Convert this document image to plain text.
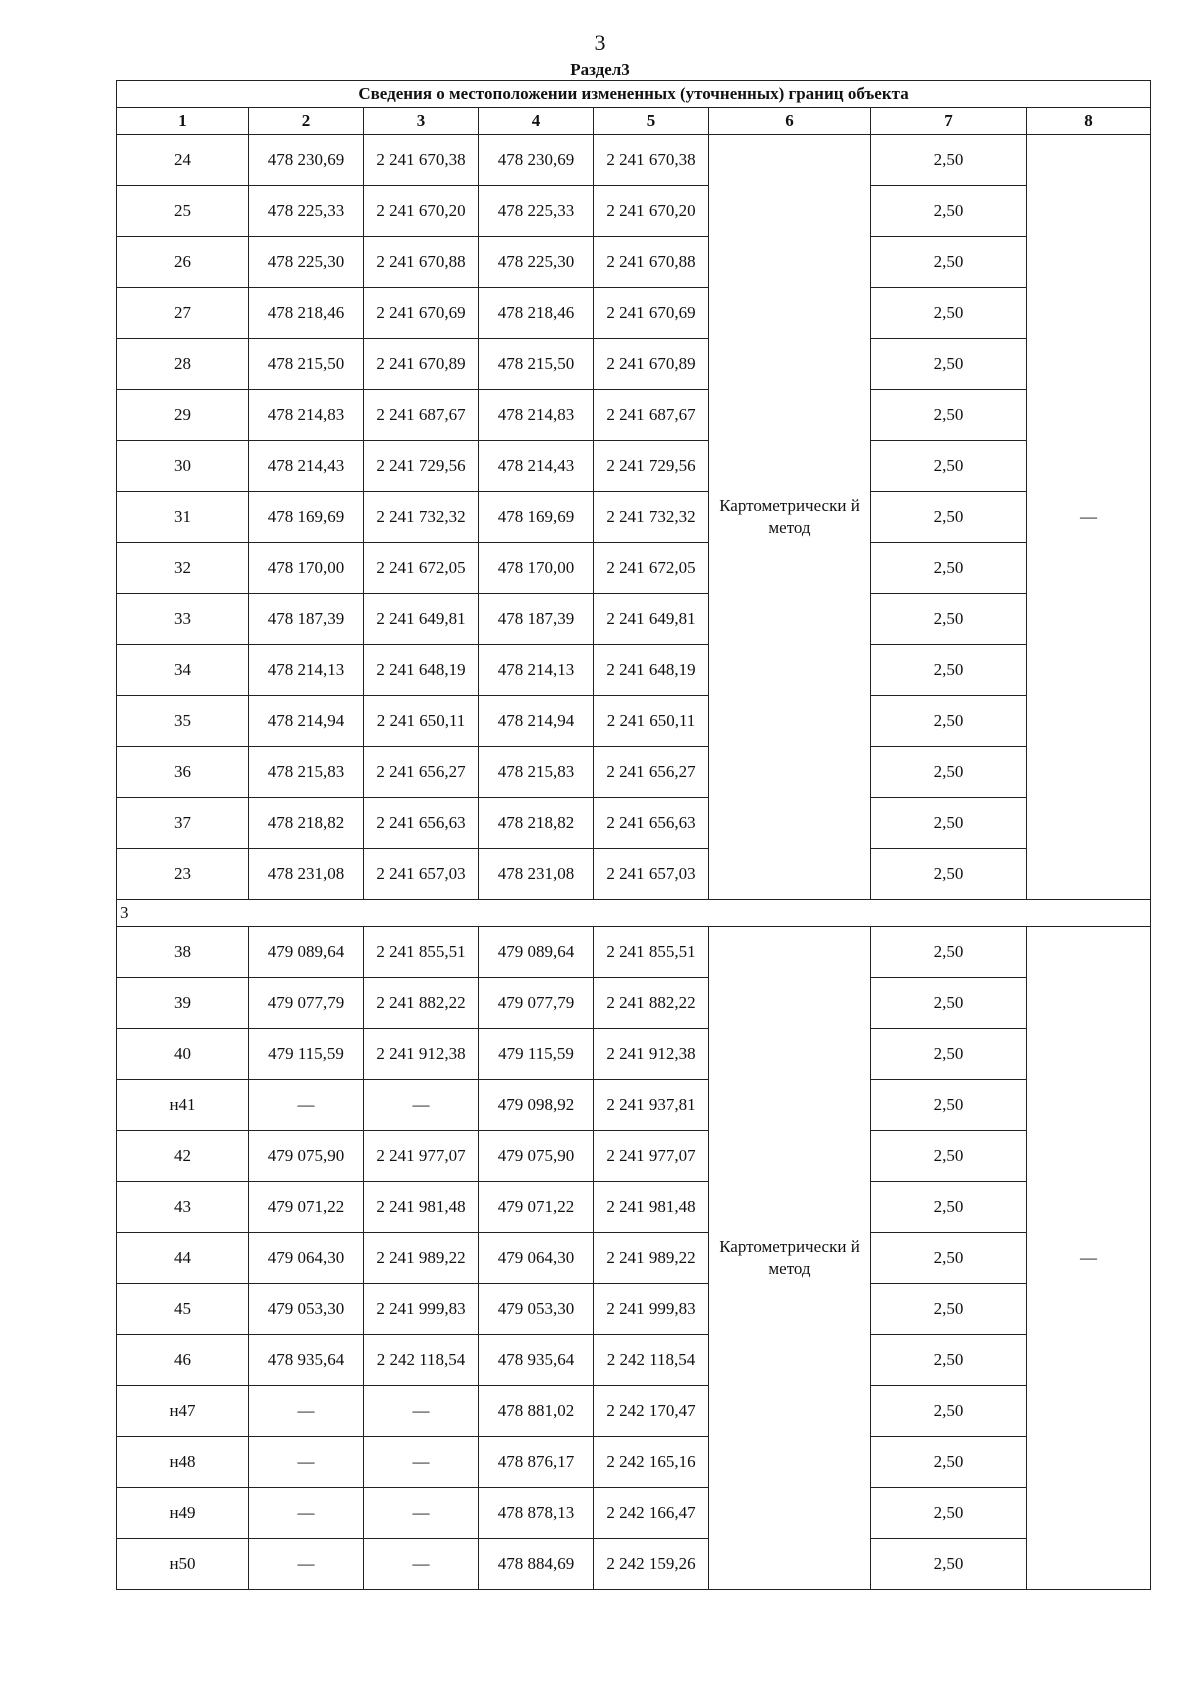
3
Раздел3
Сведения о местоположении измененных (уточненных) границ объекта							
1	2	3	4	5	6	7	8
24	478 230,69	2 241 670,38	478 230,69	2 241 670,38	Картометрически й метод	2,50	—
25	478 225,33	2 241 670,20	478 225,33	2 241 670,20		2,50	
26	478 225,30	2 241 670,88	478 225,30	2 241 670,88		2,50	
27	478 218,46	2 241 670,69	478 218,46	2 241 670,69		2,50	
28	478 215,50	2 241 670,89	478 215,50	2 241 670,89		2,50	
29	478 214,83	2 241 687,67	478 214,83	2 241 687,67		2,50	
30	478 214,43	2 241 729,56	478 214,43	2 241 729,56		2,50	
31	478 169,69	2 241 732,32	478 169,69	2 241 732,32		2,50	
32	478 170,00	2 241 672,05	478 170,00	2 241 672,05		2,50	
33	478 187,39	2 241 649,81	478 187,39	2 241 649,81		2,50	
34	478 214,13	2 241 648,19	478 214,13	2 241 648,19		2,50	
35	478 214,94	2 241 650,11	478 214,94	2 241 650,11		2,50	
36	478 215,83	2 241 656,27	478 215,83	2 241 656,27		2,50	
37	478 218,82	2 241 656,63	478 218,82	2 241 656,63		2,50	
23	478 231,08	2 241 657,03	478 231,08	2 241 657,03		2,50	
3							
38	479 089,64	2 241 855,51	479 089,64	2 241 855,51	Картометрически й метод	2,50	—
39	479 077,79	2 241 882,22	479 077,79	2 241 882,22		2,50	
40	479 115,59	2 241 912,38	479 115,59	2 241 912,38		2,50	
н41	—	—	479 098,92	2 241 937,81		2,50	
42	479 075,90	2 241 977,07	479 075,90	2 241 977,07		2,50	
43	479 071,22	2 241 981,48	479 071,22	2 241 981,48		2,50	
44	479 064,30	2 241 989,22	479 064,30	2 241 989,22		2,50	
45	479 053,30	2 241 999,83	479 053,30	2 241 999,83		2,50	
46	478 935,64	2 242 118,54	478 935,64	2 242 118,54		2,50	
н47	—	—	478 881,02	2 242 170,47		2,50	
н48	—	—	478 876,17	2 242 165,16		2,50	
н49	—	—	478 878,13	2 242 166,47		2,50	
н50	—	—	478 884,69	2 242 159,26		2,50	
